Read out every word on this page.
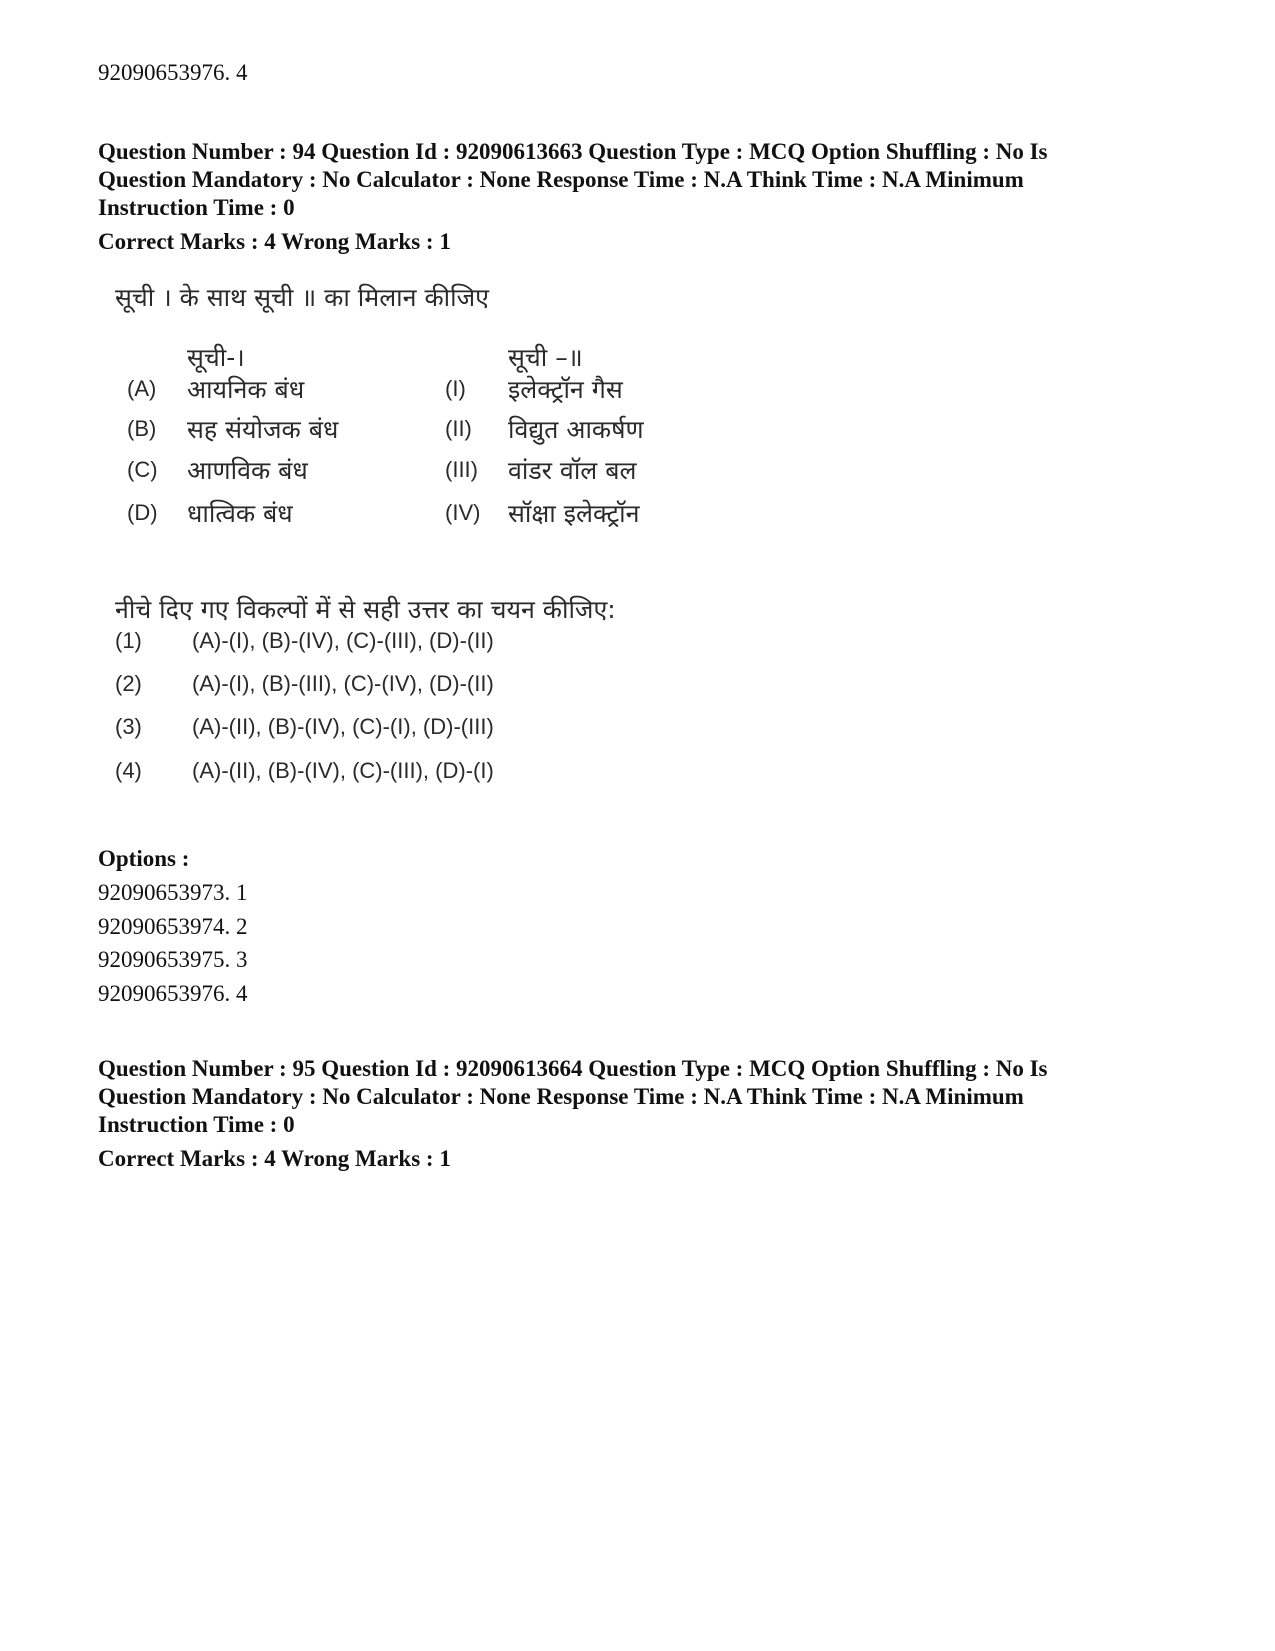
92090653976. 4
Question Number : 94 Question Id : 92090613663 Question Type : MCQ Option Shuffling : No Is
Question Mandatory : No Calculator : None Response Time : N.A Think Time : N.A Minimum
Instruction Time : 0
Correct Marks : 4 Wrong Marks : 1
सूची । के साथ सूची ॥ का मिलान कीजिए
सूची-।	सूची –॥
(A) आयनिक बंध	(I) इलेक्ट्रॉन गैस
(B) सह संयोजक बंध	(II) विद्युत आकर्षण
(C) आणविक बंध	(III) वांडर वॉल बल
(D) धात्विक बंध	(IV) सॉक्षा इलेक्ट्रॉन
नीचे दिए गए विकल्पों में से सही उत्तर का चयन कीजिए:
(1) (A)-(I), (B)-(IV), (C)-(III), (D)-(II)
(2) (A)-(I), (B)-(III), (C)-(IV), (D)-(II)
(3) (A)-(II), (B)-(IV), (C)-(I), (D)-(III)
(4) (A)-(II), (B)-(IV), (C)-(III), (D)-(I)
Options :
92090653973. 1
92090653974. 2
92090653975. 3
92090653976. 4
Question Number : 95 Question Id : 92090613664 Question Type : MCQ Option Shuffling : No Is
Question Mandatory : No Calculator : None Response Time : N.A Think Time : N.A Minimum
Instruction Time : 0
Correct Marks : 4 Wrong Marks : 1
